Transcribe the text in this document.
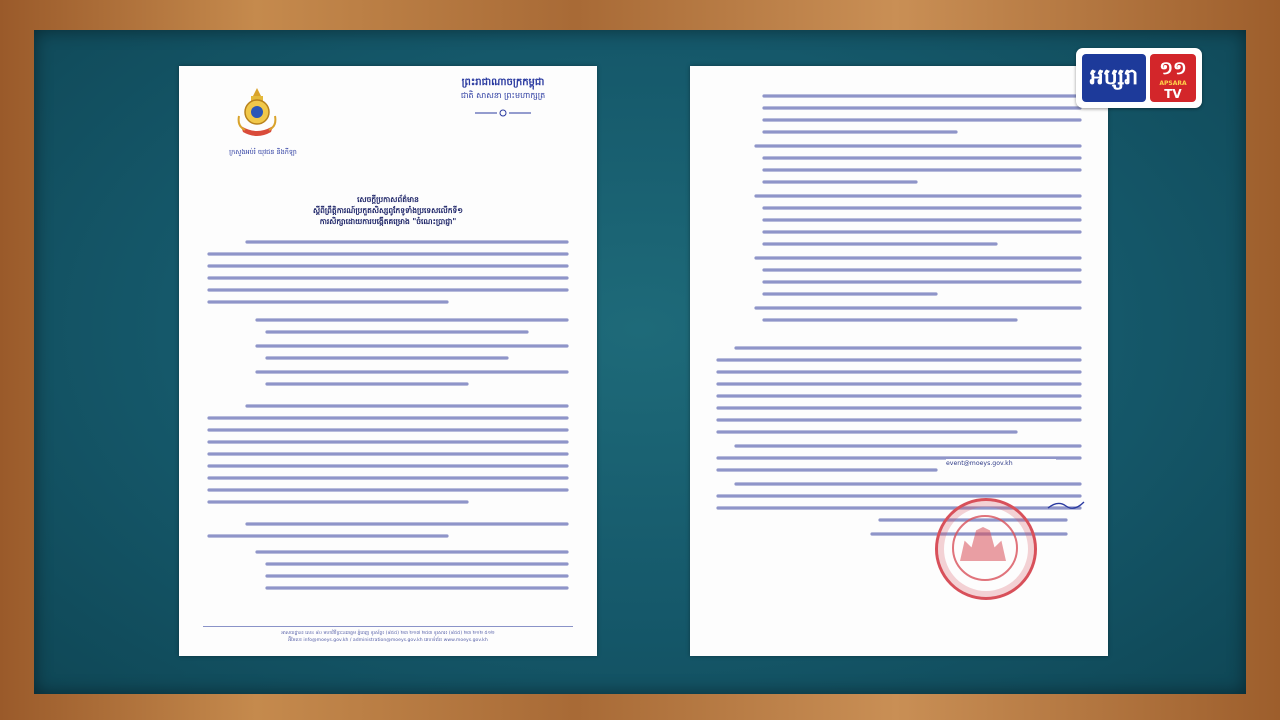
ព្រះរាជាណាចក្រកម្ពុជា
ជាតិ សាសនា ព្រះមហាក្សត្រ
ក្រសួងអប់រំ យុវជន និងកីឡា
សេចក្តីប្រកាសព័ត៌មាន
ស្តីពីព្រឹត្តិការណ៍ប្រកួតសិស្សពូកែទូទាំងប្រទេសលើកទី១
ការសិក្សាដោយការបង្កើតគម្រោង "ចំណេះប្រាជ្ញា"
អាសយដ្ឋាន៖ លេខ ៨០ មហាវិថីព្រះនរោត្តម ភ្នំពេញ ទូរស័ព្ទ៖ (៨៥៥) ២៣ ២១៧ ២៥៣ ទូរសារ៖ (៨៥៥) ២៣ ២១២ ៥១២
អ៊ីមែល៖ info@moeys.gov.kh / administration@moeys.gov.kh គេហទំព័រ៖ www.moeys.gov.kh
event@moeys.gov.kh
អប្សរា	១១
APSARA
TV
